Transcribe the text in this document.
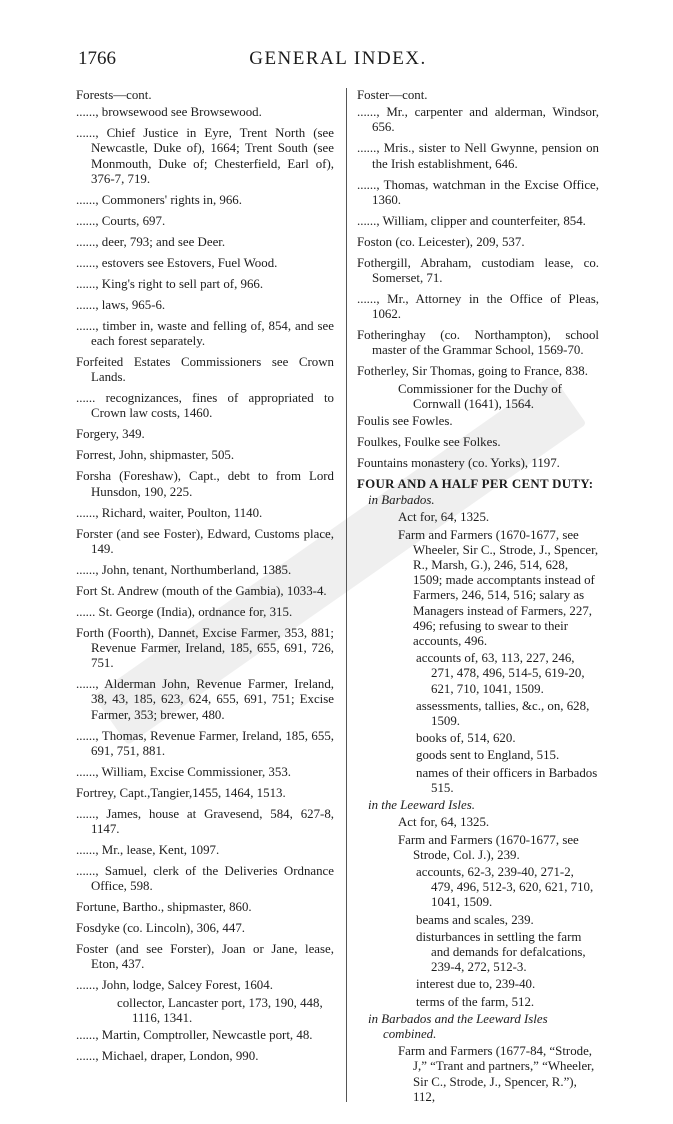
1766	GENERAL INDEX.

Forests—cont.

......, browsewood see Browsewood.

......, Chief Justice in Eyre, Trent North (see Newcastle, Duke of), 1664; Trent South (see Monmouth, Duke of; Chesterfield, Earl of), 376-7, 719.

......, Commoners' rights in, 966.

......, Courts, 697.

......, deer, 793; and see Deer.

......, estovers see Estovers, Fuel Wood.

......, King's right to sell part of, 966.

......, laws, 965-6.

......, timber in, waste and felling of, 854, and see each forest separately.

Forfeited Estates Commissioners see Crown Lands.

...... recognizances, fines of appropriated to Crown law costs, 1460.

Forgery, 349.

Forrest, John, shipmaster, 505.

Forsha (Foreshaw), Capt., debt to from Lord Hunsdon, 190, 225.

......, Richard, waiter, Poulton, 1140.

Forster (and see Foster), Edward, Customs place, 149.

......, John, tenant, Northumberland, 1385.

Fort St. Andrew (mouth of the Gambia), 1033-4.

...... St. George (India), ordnance for, 315.

Forth (Foorth), Dannet, Excise Farmer, 353, 881; Revenue Farmer, Ireland, 185, 655, 691, 726, 751.

......, Alderman John, Revenue Farmer, Ireland, 38, 43, 185, 623, 624, 655, 691, 751; Excise Farmer, 353; brewer, 480.

......, Thomas, Revenue Farmer, Ireland, 185, 655, 691, 751, 881.

......, William, Excise Commissioner, 353.

Fortrey, Capt.,Tangier,1455, 1464, 1513.

......, James, house at Gravesend, 584, 627-8, 1147.

......, Mr., lease, Kent, 1097.

......, Samuel, clerk of the Deliveries Ordnance Office, 598.

Fortune, Bartho., shipmaster, 860.

Fosdyke (co. Lincoln), 306, 447.

Foster (and see Forster), Joan or Jane, lease, Eton, 437.

......, John, lodge, Salcey Forest, 1604.

collector, Lancaster port, 173, 190, 448, 1116, 1341.

......, Martin, Comptroller, Newcastle port, 48.

......, Michael, draper, London, 990.

Foster—cont.

......, Mr., carpenter and alderman, Windsor, 656.

......, Mris., sister to Nell Gwynne, pension on the Irish establishment, 646.

......, Thomas, watchman in the Excise Office, 1360.

......, William, clipper and counterfeiter, 854.

Foston (co. Leicester), 209, 537.

Fothergill, Abraham, custodiam lease, co. Somerset, 71.

......, Mr., Attorney in the Office of Pleas, 1062.

Fotheringhay (co. Northampton), school master of the Grammar School, 1569-70.

Fotherley, Sir Thomas, going to France, 838.

Commissioner for the Duchy of Cornwall (1641), 1564.

Foulis see Fowles.

Foulkes, Foulke see Folkes.

Fountains monastery (co. Yorks), 1197.

FOUR AND A HALF PER CENT DUTY:

in Barbados.

Act for, 64, 1325.

Farm and Farmers (1670-1677, see Wheeler, Sir C., Strode, J., Spencer, R., Marsh, G.), 246, 514, 628, 1509; made accomptants instead of Farmers, 246, 514, 516; salary as Managers instead of Farmers, 227, 496; refusing to swear to their accounts, 496.

accounts of, 63, 113, 227, 246, 271, 478, 496, 514-5, 619-20, 621, 710, 1041, 1509.

assessments, tallies, &c., on, 628, 1509.

books of, 514, 620.

goods sent to England, 515.

names of their officers in Barbados 515.

in the Leeward Isles.

Act for, 64, 1325.

Farm and Farmers (1670-1677, see Strode, Col. J.), 239.

accounts, 62-3, 239-40, 271-2, 479, 496, 512-3, 620, 621, 710, 1041, 1509.

beams and scales, 239.

disturbances in settling the farm and demands for defalcations, 239-4, 272, 512-3.

interest due to, 239-40.

terms of the farm, 512.

in Barbados and the Leeward Isles combined.

Farm and Farmers (1677-84, “Strode, J,” “Trant and partners,” “Wheeler, Sir C., Strode, J., Spencer, R.”), 112,
